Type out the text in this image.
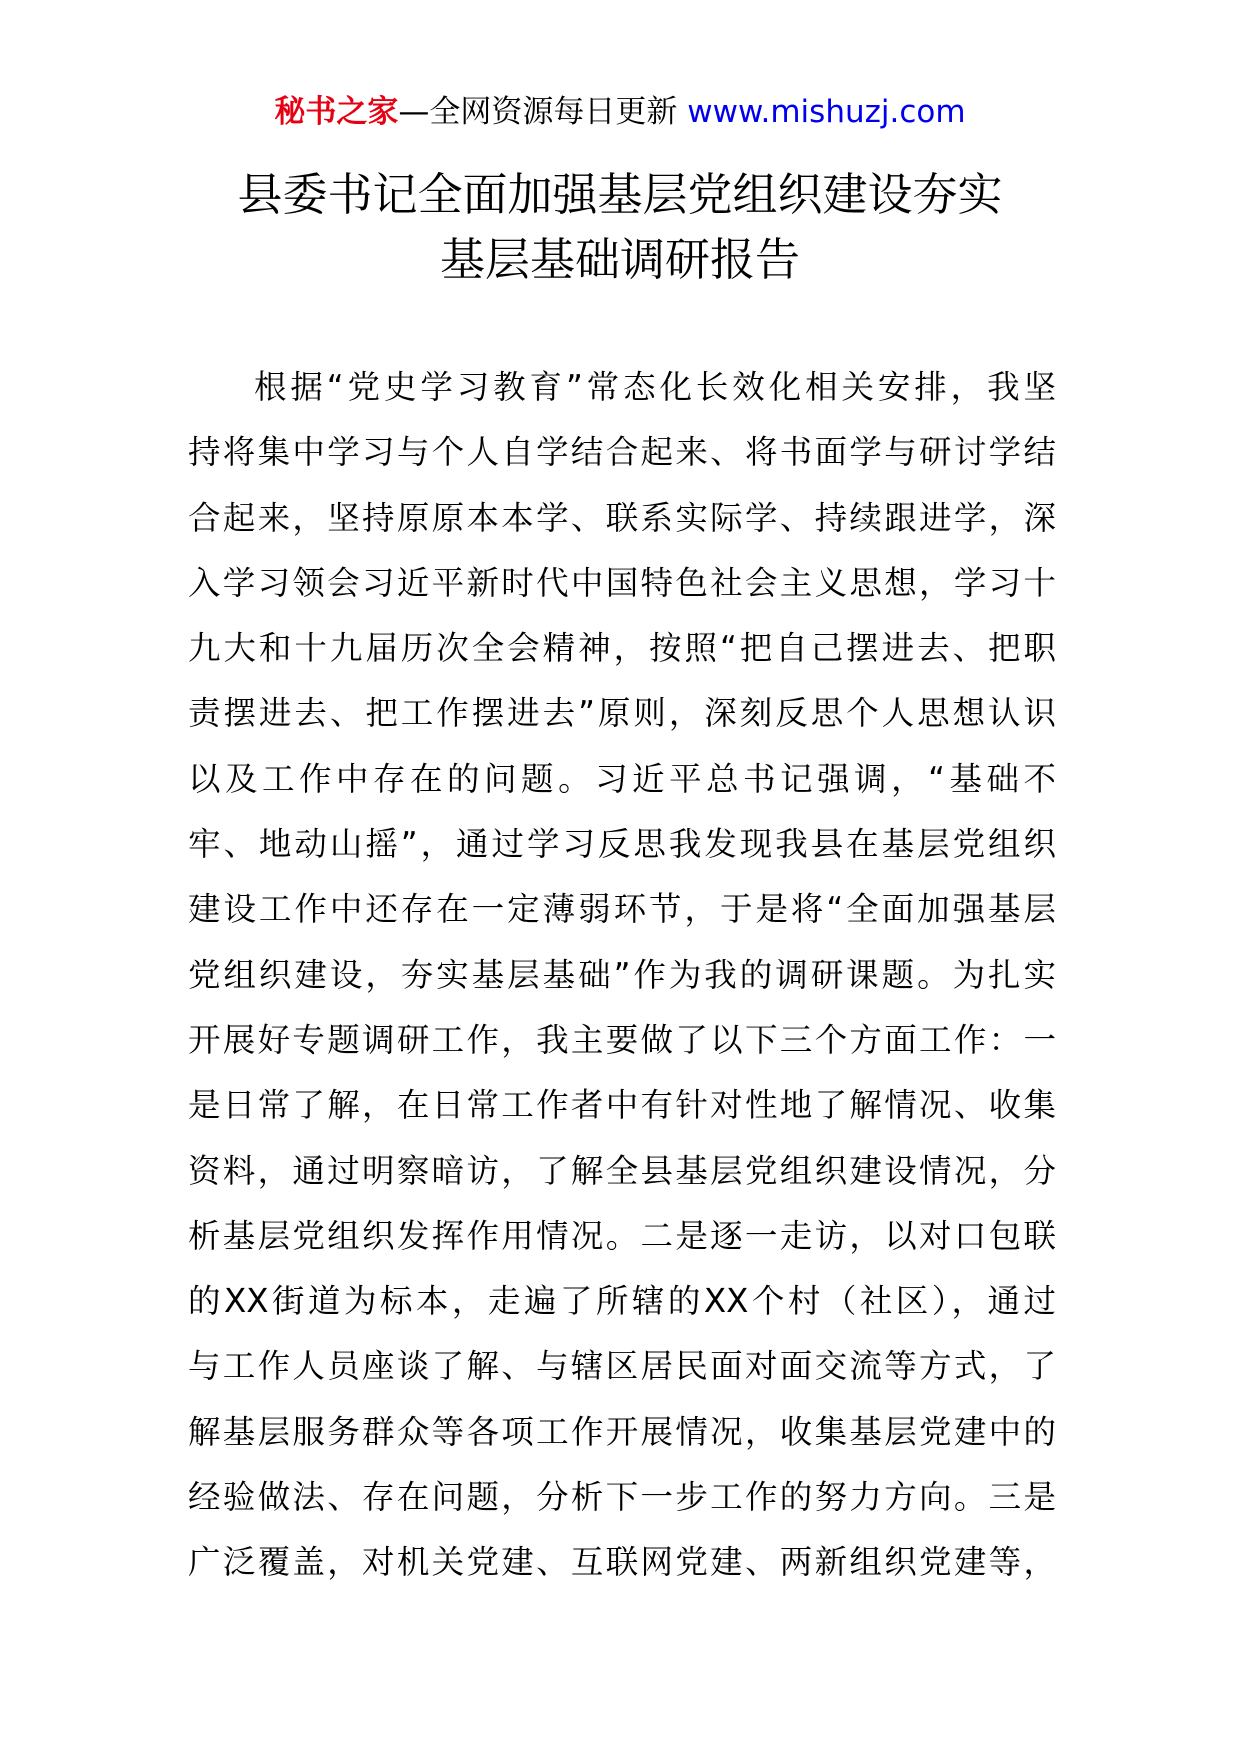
秘书之家—全网资源每日更新 www.mishuzj.com
县委书记全面加强基层党组织建设夯实
基层基础调研报告
根据“党史学习教育”常态化长效化相关安排，我坚
持将集中学习与个人自学结合起来、将书面学与研讨学结
合起来，坚持原原本本学、联系实际学、持续跟进学，深
入学习领会习近平新时代中国特色社会主义思想，学习十
九大和十九届历次全会精神，按照“把自己摆进去、把职
责摆进去、把工作摆进去”原则，深刻反思个人思想认识
以及工作中存在的问题。习近平总书记强调，“基础不
牢、地动山摇”，通过学习反思我发现我县在基层党组织
建设工作中还存在一定薄弱环节，于是将“全面加强基层
党组织建设，夯实基层基础”作为我的调研课题。为扎实
开展好专题调研工作，我主要做了以下三个方面工作：一
是日常了解，在日常工作者中有针对性地了解情况、收集
资料，通过明察暗访，了解全县基层党组织建设情况，分
析基层党组织发挥作用情况。二是逐一走访，以对口包联
的XX街道为标本，走遍了所辖的XX个村（社区），通过
与工作人员座谈了解、与辖区居民面对面交流等方式，了
解基层服务群众等各项工作开展情况，收集基层党建中的
经验做法、存在问题，分析下一步工作的努力方向。三是
广泛覆盖，对机关党建、互联网党建、两新组织党建等，
